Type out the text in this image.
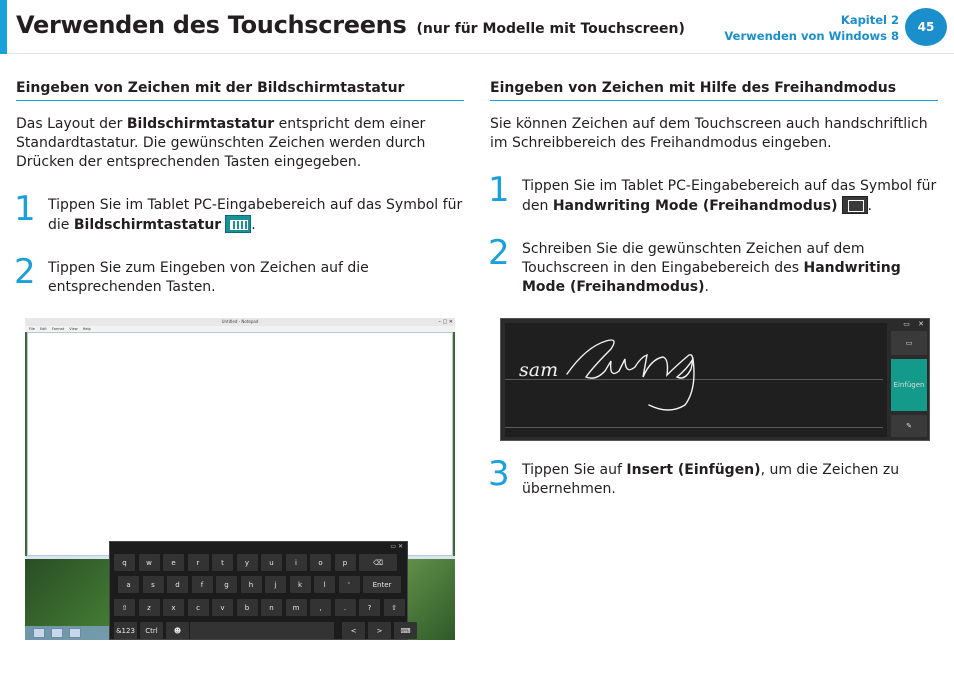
Verwenden des Touchscreens (nur für Modelle mit Touchscreen)
Kapitel 2
Verwenden von Windows 8
45
Eingeben von Zeichen mit der Bildschirmtastatur
Das Layout der Bildschirmtastatur entspricht dem einer Standardtastatur. Die gewünschten Zeichen werden durch Drücken der entsprechenden Tasten eingegeben.
1 Tippen Sie im Tablet PC-Eingabebereich auf das Symbol für die Bildschirmtastatur .
2 Tippen Sie zum Eingeben von Zeichen auf die entsprechenden Tasten.
Eingeben von Zeichen mit Hilfe des Freihandmodus
Sie können Zeichen auf dem Touchscreen auch handschriftlich im Schreibbereich des Freihandmodus eingeben.
1 Tippen Sie im Tablet PC-Eingabebereich auf das Symbol für den Handwriting Mode (Freihandmodus) .
2 Schreiben Sie die gewünschten Zeichen auf dem Touchscreen in den Eingabebereich des Handwriting Mode (Freihandmodus).
3 Tippen Sie auf Insert (Einfügen), um die Zeichen zu übernehmen.
Untitled - Notepad	– □ ✕
File Edit Format View Help
▭ ✕
q	w	e	r	t	y	u	i	o	p	⌫
a	s	d	f	g	h	j	k	l	'	Enter
⇧	z	x	c	v	b	n	m	,	.	?	⇧
&123	Ctrl	☻	<	>	⌨
sam
▭ ✕
▭
Einfügen
✎
